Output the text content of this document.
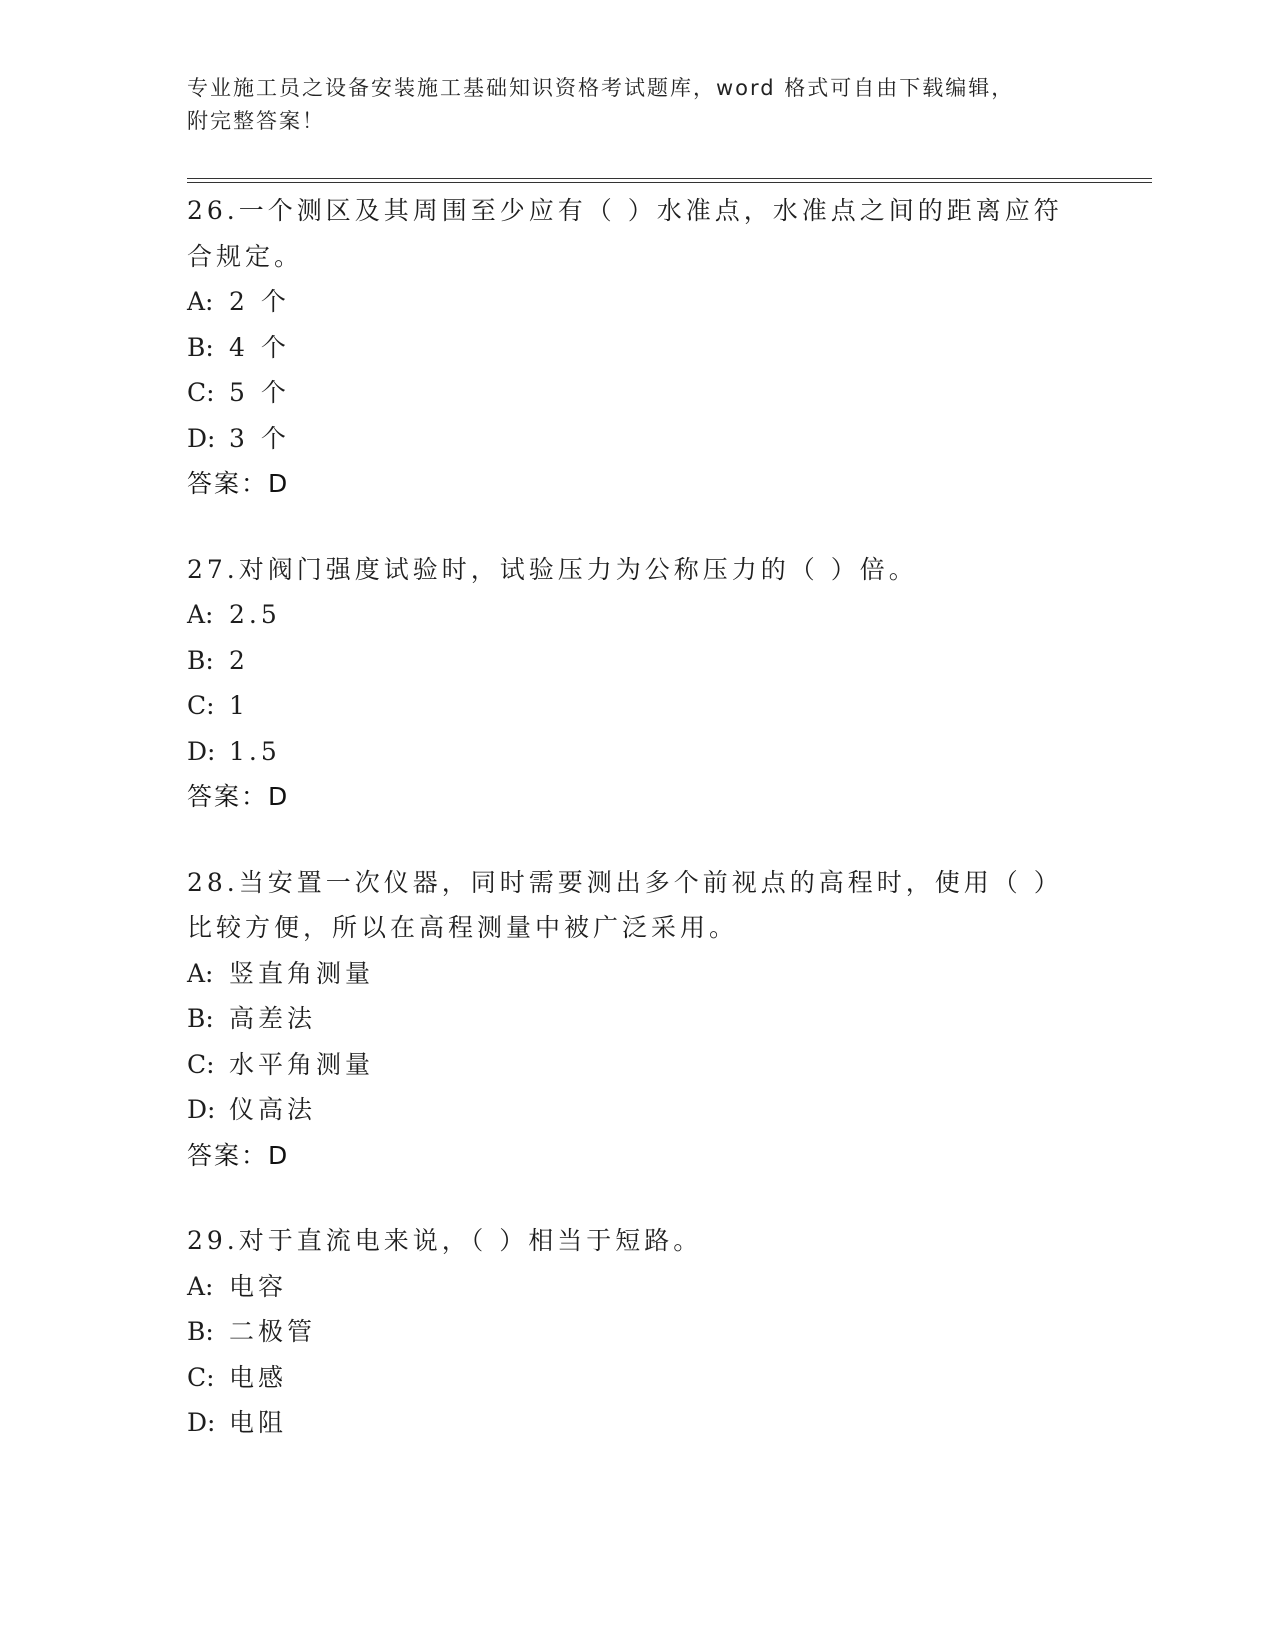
专业施工员之设备安装施工基础知识资格考试题库，word 格式可自由下载编辑，
附完整答案！
26.一个测区及其周围至少应有（ ）水准点，水准点之间的距离应符
合规定。
A: 2 个
B: 4 个
C: 5 个
D: 3 个
答案：D
27.对阀门强度试验时，试验压力为公称压力的（ ）倍。
A: 2.5
B: 2
C: 1
D: 1.5
答案：D
28.当安置一次仪器，同时需要测出多个前视点的高程时，使用（ ）
比较方便，所以在高程测量中被广泛采用。
A: 竖直角测量
B: 高差法
C: 水平角测量
D: 仪高法
答案：D
29.对于直流电来说，（ ）相当于短路。
A: 电容
B: 二极管
C: 电感
D: 电阻
